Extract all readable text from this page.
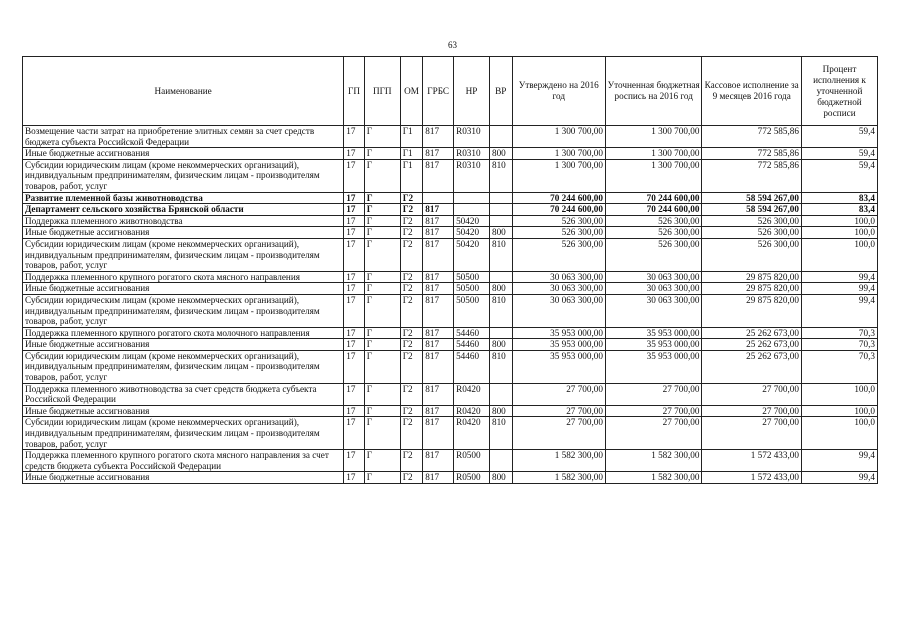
63
Наименование	ГП	ПГП	ОМ	ГРБС	НР	ВР	Утверждено на 2016 год	Уточненная бюджетная роспись на 2016 год	Кассовое исполнение за 9 месяцев 2016 года	Процент исполнения к уточненной бюджетной росписи
Возмещение части затрат на приобретение элитных семян за счет средств бюджета субъекта Российской Федерации	17	Г	Г1	817	R0310		1 300 700,00	1 300 700,00	772 585,86	59,4
Иные бюджетные ассигнования	17	Г	Г1	817	R0310	800	1 300 700,00	1 300 700,00	772 585,86	59,4
Субсидии юридическим лицам (кроме некоммерческих организаций), индивидуальным предпринимателям, физическим лицам - производителям товаров, работ, услуг	17	Г	Г1	817	R0310	810	1 300 700,00	1 300 700,00	772 585,86	59,4
Развитие племенной базы животноводства	17	Г	Г2				70 244 600,00	70 244 600,00	58 594 267,00	83,4
Департамент сельского хозяйства Брянской области	17	Г	Г2	817			70 244 600,00	70 244 600,00	58 594 267,00	83,4
Поддержка племенного животноводства	17	Г	Г2	817	50420		526 300,00	526 300,00	526 300,00	100,0
Иные бюджетные ассигнования	17	Г	Г2	817	50420	800	526 300,00	526 300,00	526 300,00	100,0
Субсидии юридическим лицам (кроме некоммерческих организаций), индивидуальным предпринимателям, физическим лицам - производителям товаров, работ, услуг	17	Г	Г2	817	50420	810	526 300,00	526 300,00	526 300,00	100,0
Поддержка племенного крупного рогатого скота мясного направления	17	Г	Г2	817	50500		30 063 300,00	30 063 300,00	29 875 820,00	99,4
Иные бюджетные ассигнования	17	Г	Г2	817	50500	800	30 063 300,00	30 063 300,00	29 875 820,00	99,4
Субсидии юридическим лицам (кроме некоммерческих организаций), индивидуальным предпринимателям, физическим лицам - производителям товаров, работ, услуг	17	Г	Г2	817	50500	810	30 063 300,00	30 063 300,00	29 875 820,00	99,4
Поддержка племенного крупного рогатого скота молочного направления	17	Г	Г2	817	54460		35 953 000,00	35 953 000,00	25 262 673,00	70,3
Иные бюджетные ассигнования	17	Г	Г2	817	54460	800	35 953 000,00	35 953 000,00	25 262 673,00	70,3
Субсидии юридическим лицам (кроме некоммерческих организаций), индивидуальным предпринимателям, физическим лицам - производителям товаров, работ, услуг	17	Г	Г2	817	54460	810	35 953 000,00	35 953 000,00	25 262 673,00	70,3
Поддержка племенного животноводства за счет средств бюджета субъекта Российской Федерации	17	Г	Г2	817	R0420		27 700,00	27 700,00	27 700,00	100,0
Иные бюджетные ассигнования	17	Г	Г2	817	R0420	800	27 700,00	27 700,00	27 700,00	100,0
Субсидии юридическим лицам (кроме некоммерческих организаций), индивидуальным предпринимателям, физическим лицам - производителям товаров, работ, услуг	17	Г	Г2	817	R0420	810	27 700,00	27 700,00	27 700,00	100,0
Поддержка племенного крупного рогатого скота мясного направления за счет средств бюджета субъекта Российской Федерации	17	Г	Г2	817	R0500		1 582 300,00	1 582 300,00	1 572 433,00	99,4
Иные бюджетные ассигнования	17	Г	Г2	817	R0500	800	1 582 300,00	1 582 300,00	1 572 433,00	99,4
